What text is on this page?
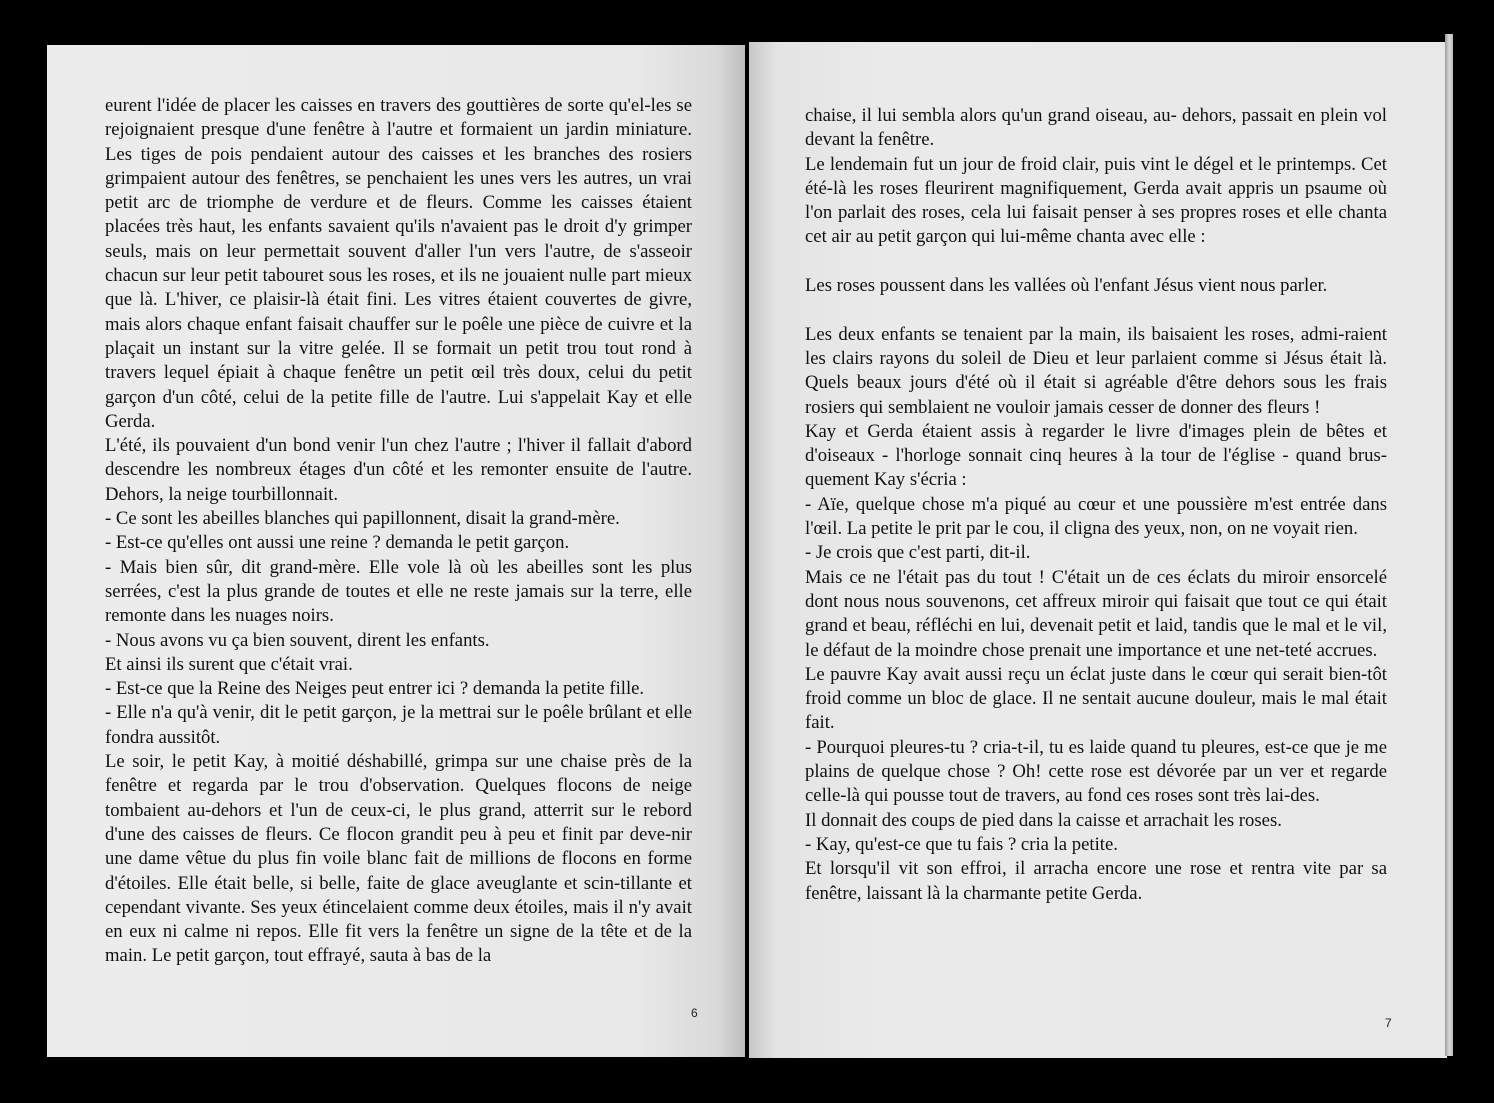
eurent l'idée de placer les caisses en travers des gouttières de sorte qu'el-les se rejoignaient presque d'une fenêtre à l'autre et formaient un jardin miniature. Les tiges de pois pendaient autour des caisses et les branches des rosiers grimpaient autour des fenêtres, se penchaient les unes vers les autres, un vrai petit arc de triomphe de verdure et de fleurs. Comme les caisses étaient placées très haut, les enfants savaient qu'ils n'avaient pas le droit d'y grimper seuls, mais on leur permettait souvent d'aller l'un vers l'autre, de s'asseoir chacun sur leur petit tabouret sous les roses, et ils ne jouaient nulle part mieux que là. L'hiver, ce plaisir-là était fini. Les vitres étaient couvertes de givre, mais alors chaque enfant faisait chauffer sur le poêle une pièce de cuivre et la plaçait un instant sur la vitre gelée. Il se formait un petit trou tout rond à travers lequel épiait à chaque fenêtre un petit œil très doux, celui du petit garçon d'un côté, celui de la petite fille de l'autre. Lui s'appelait Kay et elle Gerda.

L'été, ils pouvaient d'un bond venir l'un chez l'autre ; l'hiver il fallait d'abord descendre les nombreux étages d'un côté et les remonter ensuite de l'autre. Dehors, la neige tourbillonnait.

- Ce sont les abeilles blanches qui papillonnent, disait la grand-mère.

- Est-ce qu'elles ont aussi une reine ? demanda le petit garçon.

- Mais bien sûr, dit grand-mère. Elle vole là où les abeilles sont les plus serrées, c'est la plus grande de toutes et elle ne reste jamais sur la terre, elle remonte dans les nuages noirs.

- Nous avons vu ça bien souvent, dirent les enfants.

Et ainsi ils surent que c'était vrai.

- Est-ce que la Reine des Neiges peut entrer ici ? demanda la petite fille.

- Elle n'a qu'à venir, dit le petit garçon, je la mettrai sur le poêle brûlant et elle fondra aussitôt.

Le soir, le petit Kay, à moitié déshabillé, grimpa sur une chaise près de la fenêtre et regarda par le trou d'observation. Quelques flocons de neige tombaient au-dehors et l'un de ceux-ci, le plus grand, atterrit sur le rebord d'une des caisses de fleurs. Ce flocon grandit peu à peu et finit par deve-nir une dame vêtue du plus fin voile blanc fait de millions de flocons en forme d'étoiles. Elle était belle, si belle, faite de glace aveuglante et scin-tillante et cependant vivante. Ses yeux étincelaient comme deux étoiles, mais il n'y avait en eux ni calme ni repos. Elle fit vers la fenêtre un signe de la tête et de la main. Le petit garçon, tout effrayé, sauta à bas de la

6

chaise, il lui sembla alors qu'un grand oiseau, au- dehors, passait en plein vol devant la fenêtre.

Le lendemain fut un jour de froid clair, puis vint le dégel et le printemps. Cet été-là les roses fleurirent magnifiquement, Gerda avait appris un psaume où l'on parlait des roses, cela lui faisait penser à ses propres roses et elle chanta cet air au petit garçon qui lui-même chanta avec elle :

Les roses poussent dans les vallées où l'enfant Jésus vient nous parler.

Les deux enfants se tenaient par la main, ils baisaient les roses, admi-raient les clairs rayons du soleil de Dieu et leur parlaient comme si Jésus était là. Quels beaux jours d'été où il était si agréable d'être dehors sous les frais rosiers qui semblaient ne vouloir jamais cesser de donner des fleurs !

Kay et Gerda étaient assis à regarder le livre d'images plein de bêtes et d'oiseaux - l'horloge sonnait cinq heures à la tour de l'église - quand brus-quement Kay s'écria :

- Aïe, quelque chose m'a piqué au cœur et une poussière m'est entrée dans l'œil. La petite le prit par le cou, il cligna des yeux, non, on ne voyait rien.

- Je crois que c'est parti, dit-il.

Mais ce ne l'était pas du tout ! C'était un de ces éclats du miroir ensorcelé dont nous nous souvenons, cet affreux miroir qui faisait que tout ce qui était grand et beau, réfléchi en lui, devenait petit et laid, tandis que le mal et le vil, le défaut de la moindre chose prenait une importance et une net-teté accrues.

Le pauvre Kay avait aussi reçu un éclat juste dans le cœur qui serait bien-tôt froid comme un bloc de glace. Il ne sentait aucune douleur, mais le mal était fait.

- Pourquoi pleures-tu ? cria-t-il, tu es laide quand tu pleures, est-ce que je me plains de quelque chose ? Oh! cette rose est dévorée par un ver et regarde celle-là qui pousse tout de travers, au fond ces roses sont très lai-des.

Il donnait des coups de pied dans la caisse et arrachait les roses.

- Kay, qu'est-ce que tu fais ? cria la petite.

Et lorsqu'il vit son effroi, il arracha encore une rose et rentra vite par sa fenêtre, laissant là la charmante petite Gerda.

7
